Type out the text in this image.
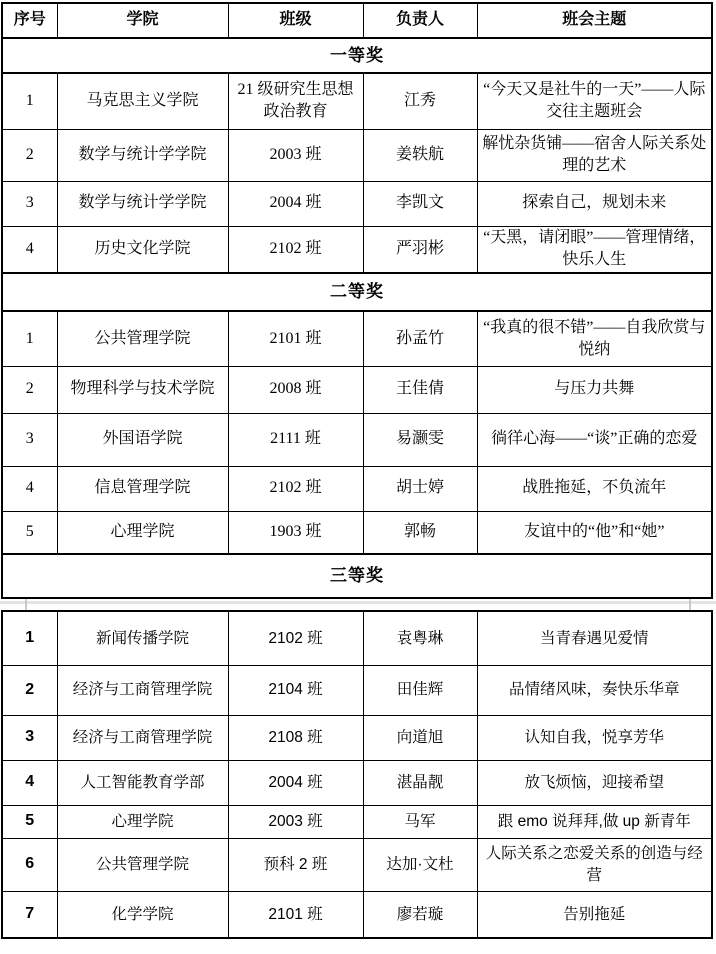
序号	学院	班级	负责人	班会主题
一等奖				
1	马克思主义学院	21 级研究生思想政治教育	江秀	“今天又是社牛的一天”——人际交往主题班会
2	数学与统计学学院	2003 班	姜轶航	解忧杂货铺——宿舍人际关系处理的艺术
3	数学与统计学学院	2004 班	李凯文	探索自己，规划未来
4	历史文化学院	2102 班	严羽彬	“天黑，请闭眼”——管理情绪，快乐人生
二等奖				
1	公共管理学院	2101 班	孙孟竹	“我真的很不错”——自我欣赏与悦纳
2	物理科学与技术学院	2008 班	王佳倩	与压力共舞
3	外国语学院	2111 班	易灏雯	徜徉心海——“谈”正确的恋爱
4	信息管理学院	2102 班	胡士婷	战胜拖延，不负流年
5	心理学院	1903 班	郭畅	友谊中的“他”和“她”
三等奖				
1	新闻传播学院	2102 班	袁粤琳	当青春遇见爱情
2	经济与工商管理学院	2104 班	田佳辉	品情绪风味，奏快乐华章
3	经济与工商管理学院	2108 班	向道旭	认知自我，悦享芳华
4	人工智能教育学部	2004 班	湛晶靓	放飞烦恼，迎接希望
5	心理学院	2003 班	马军	跟 emo 说拜拜,做 up 新青年
6	公共管理学院	预科 2 班	达加·文杜	人际关系之恋爱关系的创造与经营
7	化学学院	2101 班	廖若璇	告别拖延
